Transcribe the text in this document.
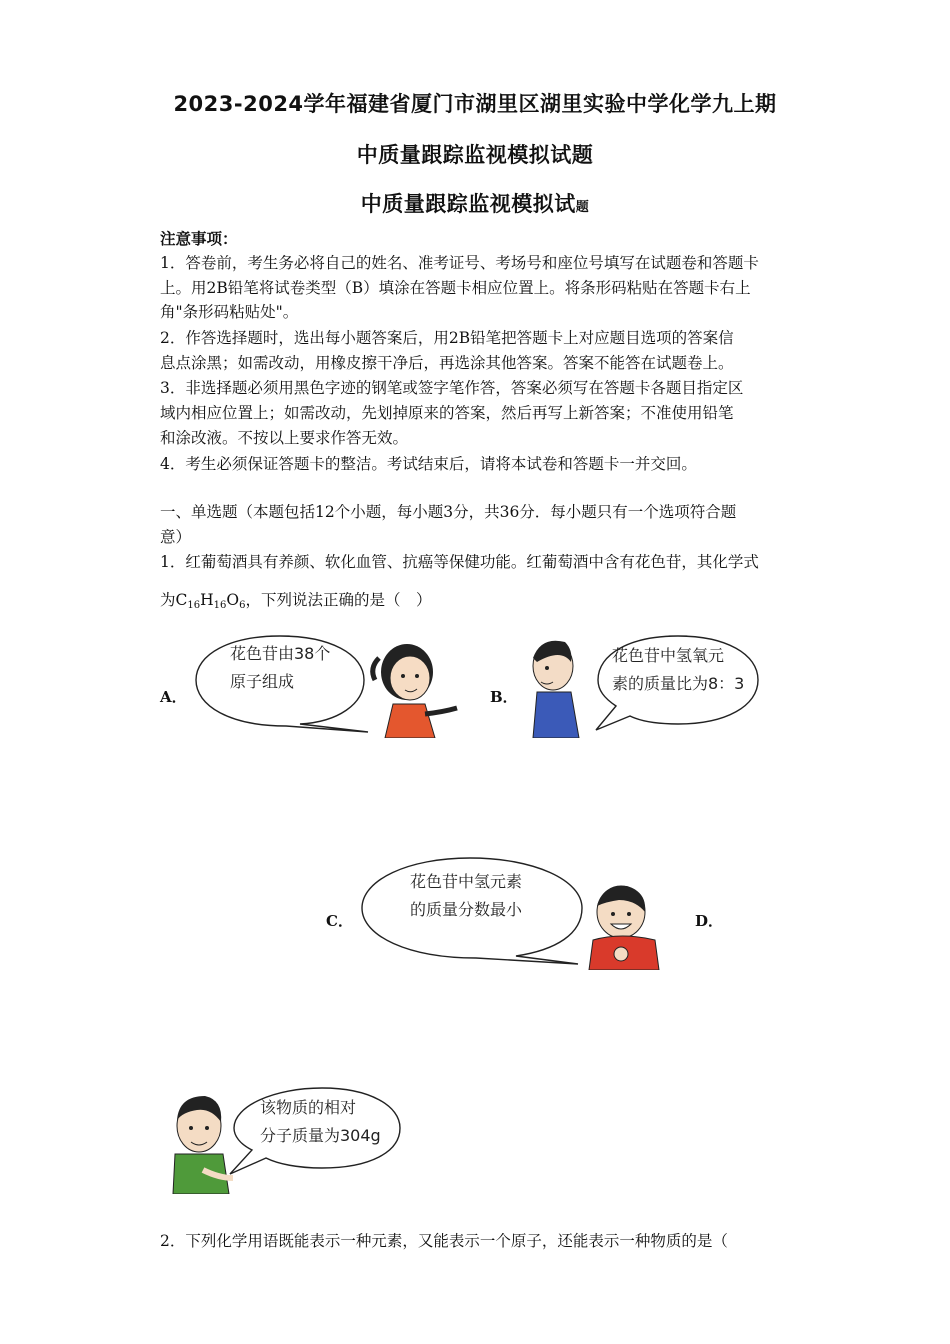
2023-2024学年福建省厦门市湖里区湖里实验中学化学九上期
中质量跟踪监视模拟试题
中质量跟踪监视模拟试题
注意事项：
1．答卷前，考生务必将自己的姓名、准考证号、考场号和座位号填写在试题卷和答题卡
上。用2B铅笔将试卷类型（B）填涂在答题卡相应位置上。将条形码粘贴在答题卡右上
角"条形码粘贴处"。
2．作答选择题时，选出每小题答案后，用2B铅笔把答题卡上对应题目选项的答案信
息点涂黑；如需改动，用橡皮擦干净后，再选涂其他答案。答案不能答在试题卷上。
3．非选择题必须用黑色字迹的钢笔或签字笔作答，答案必须写在答题卡各题目指定区
域内相应位置上；如需改动，先划掉原来的答案，然后再写上新答案；不准使用铅笔
和涂改液。不按以上要求作答无效。
4．考生必须保证答题卡的整洁。考试结束后，请将本试卷和答题卡一并交回。
一、单选题（本题包括12个小题，每小题3分，共36分．每小题只有一个选项符合题
意）
1．红葡萄酒具有养颜、软化血管、抗癌等保健功能。红葡萄酒中含有花色苷，其化学式
为$C_{16}H_{16}O_6$，下列说法正确的是（　）
A．
花色苷由38个
原子组成
B．
花色苷中氢氧元
素的质量比为8：3
C．
花色苷中氢元素
的质量分数最小
D．
该物质的相对
分子质量为304g
2．下列化学用语既能表示一种元素，又能表示一个原子，还能表示一种物质的是（
